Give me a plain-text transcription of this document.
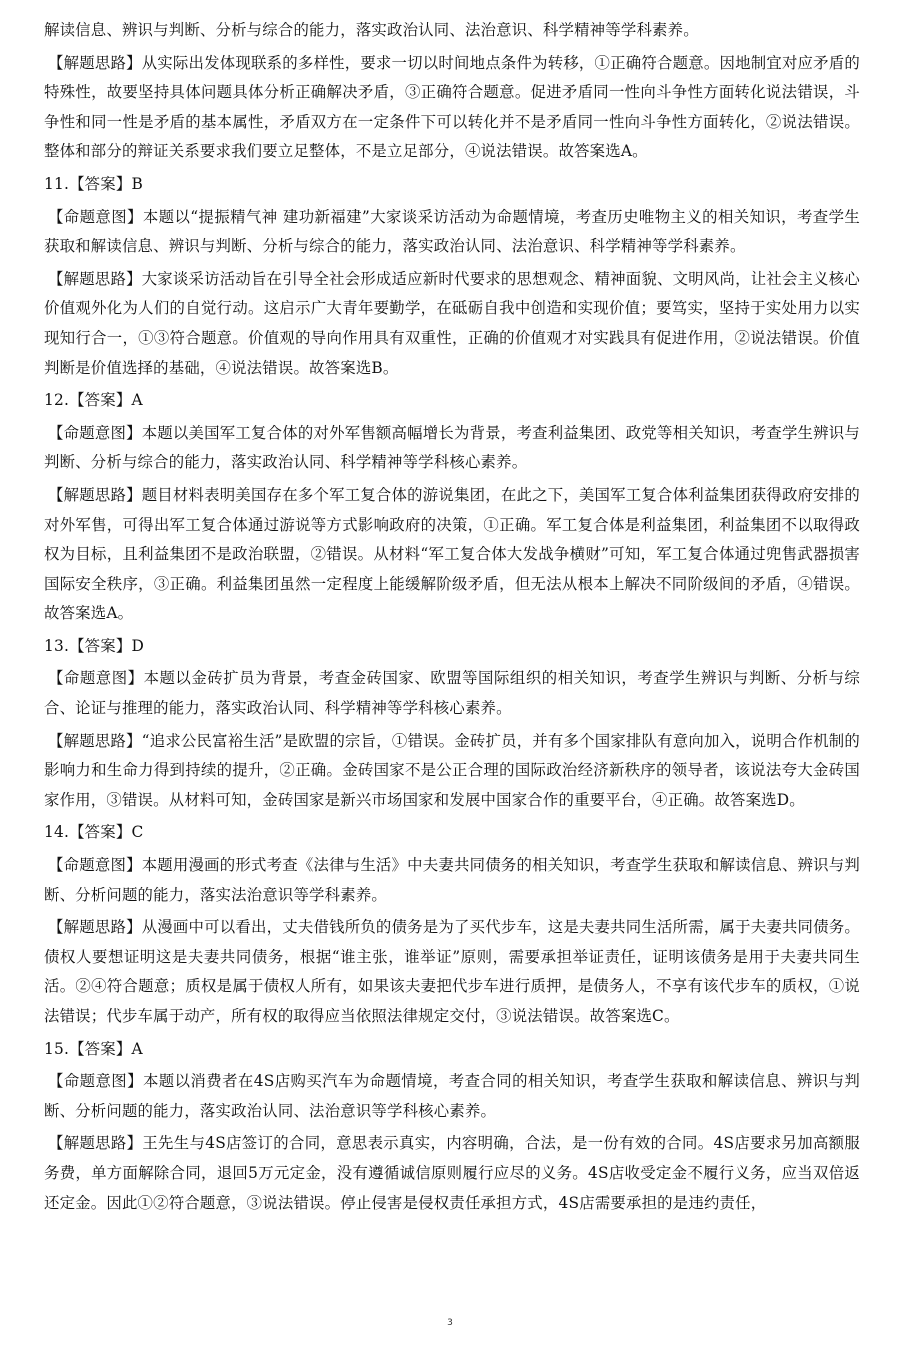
解读信息、辨识与判断、分析与综合的能力，落实政治认同、法治意识、科学精神等学科素养。

【解题思路】从实际出发体现联系的多样性，要求一切以时间地点条件为转移，①正确符合题意。因地制宜对应矛盾的特殊性，故要坚持具体问题具体分析正确解决矛盾，③正确符合题意。促进矛盾同一性向斗争性方面转化说法错误，斗争性和同一性是矛盾的基本属性，矛盾双方在一定条件下可以转化并不是矛盾同一性向斗争性方面转化，②说法错误。整体和部分的辩证关系要求我们要立足整体，不是立足部分，④说法错误。故答案选A。

11.【答案】B

【命题意图】本题以“提振精气神 建功新福建”大家谈采访活动为命题情境，考查历史唯物主义的相关知识，考查学生获取和解读信息、辨识与判断、分析与综合的能力，落实政治认同、法治意识、科学精神等学科素养。

【解题思路】大家谈采访活动旨在引导全社会形成适应新时代要求的思想观念、精神面貌、文明风尚，让社会主义核心价值观外化为人们的自觉行动。这启示广大青年要勤学，在砥砺自我中创造和实现价值；要笃实，坚持于实处用力以实现知行合一，①③符合题意。价值观的导向作用具有双重性，正确的价值观才对实践具有促进作用，②说法错误。价值判断是价值选择的基础，④说法错误。故答案选B。

12.【答案】A

【命题意图】本题以美国军工复合体的对外军售额高幅增长为背景，考查利益集团、政党等相关知识，考查学生辨识与判断、分析与综合的能力，落实政治认同、科学精神等学科核心素养。

【解题思路】题目材料表明美国存在多个军工复合体的游说集团，在此之下，美国军工复合体利益集团获得政府安排的对外军售，可得出军工复合体通过游说等方式影响政府的决策，①正确。军工复合体是利益集团，利益集团不以取得政权为目标，且利益集团不是政治联盟，②错误。从材料“军工复合体大发战争横财”可知，军工复合体通过兜售武器损害国际安全秩序，③正确。利益集团虽然一定程度上能缓解阶级矛盾，但无法从根本上解决不同阶级间的矛盾，④错误。故答案选A。

13.【答案】D

【命题意图】本题以金砖扩员为背景，考查金砖国家、欧盟等国际组织的相关知识，考查学生辨识与判断、分析与综合、论证与推理的能力，落实政治认同、科学精神等学科核心素养。

【解题思路】“追求公民富裕生活”是欧盟的宗旨，①错误。金砖扩员，并有多个国家排队有意向加入，说明合作机制的影响力和生命力得到持续的提升，②正确。金砖国家不是公正合理的国际政治经济新秩序的领导者，该说法夸大金砖国家作用，③错误。从材料可知，金砖国家是新兴市场国家和发展中国家合作的重要平台，④正确。故答案选D。

14.【答案】C

【命题意图】本题用漫画的形式考查《法律与生活》中夫妻共同债务的相关知识，考查学生获取和解读信息、辨识与判断、分析问题的能力，落实法治意识等学科素养。

【解题思路】从漫画中可以看出，丈夫借钱所负的债务是为了买代步车，这是夫妻共同生活所需，属于夫妻共同债务。债权人要想证明这是夫妻共同债务，根据“谁主张，谁举证”原则，需要承担举证责任，证明该债务是用于夫妻共同生活。②④符合题意；质权是属于债权人所有，如果该夫妻把代步车进行质押，是债务人，不享有该代步车的质权，①说法错误；代步车属于动产，所有权的取得应当依照法律规定交付，③说法错误。故答案选C。

15.【答案】A

【命题意图】本题以消费者在4S店购买汽车为命题情境，考查合同的相关知识，考查学生获取和解读信息、辨识与判断、分析问题的能力，落实政治认同、法治意识等学科核心素养。

【解题思路】王先生与4S店签订的合同，意思表示真实，内容明确，合法，是一份有效的合同。4S店要求另加高额服务费，单方面解除合同，退回5万元定金，没有遵循诚信原则履行应尽的义务。4S店收受定金不履行义务，应当双倍返还定金。因此①②符合题意，③说法错误。停止侵害是侵权责任承担方式，4S店需要承担的是违约责任，

3
